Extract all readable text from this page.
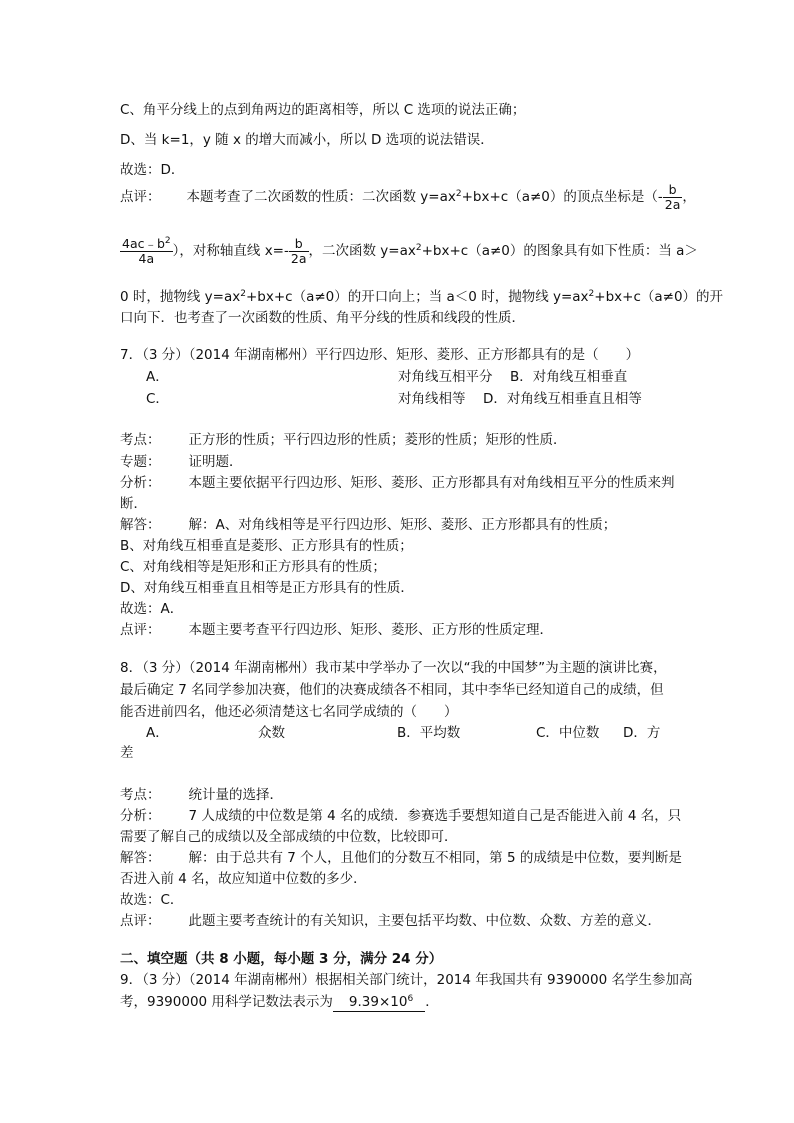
C、角平分线上的点到角两边的距离相等，所以 C 选项的说法正确；
D、当 k=1，y 随 x 的增大而减小，所以 D 选项的说法错误．
故选：D．
点评： 本题考查了二次函数的性质：二次函数 $y=ax^2+bx+c(a\ne 0)$的顶点坐标是（- $\frac{b}{2a}$ ，
$\frac{4ac﹣b^2}{4a}$ ），对称轴直线 $x=- \frac{b}{2a}$ ，二次函数 $y=ax^2+bx+c(a\ne 0)$的图象具有如下性质：当 a＞
0 时，抛物线 $y=ax^2+bx+c(a\ne 0)$的开口向上；当 a＜0 时，抛物线 $y=ax^2+bx+c(a\ne 0)$的开
口向下．也考查了一次函数的性质、角平分线的性质和线段的性质．
7．（3 分）（2014 年湖南郴州）平行四边形、矩形、菱形、正方形都具有的是（　　）
A．	对角线互相平分 B．对角线互相垂直
C．	对角线相等 D．对角线互相垂直且相等
考点： 正方形的性质；平行四边形的性质；菱形的性质；矩形的性质．
专题： 证明题．
分析： 本题主要依据平行四边形、矩形、菱形、正方形都具有对角线相互平分的性质来判
断．
解答： 解：A、对角线相等是平行四边形、矩形、菱形、正方形都具有的性质；
B、对角线互相垂直是菱形、正方形具有的性质；
C、对角线相等是矩形和正方形具有的性质；
D、对角线互相垂直且相等是正方形具有的性质．
故选：A．
点评： 本题主要考查平行四边形、矩形、菱形、正方形的性质定理．
8．（3 分）（2014 年湖南郴州）我市某中学举办了一次以“我的中国梦”为主题的演讲比赛，
最后确定 7 名同学参加决赛，他们的决赛成绩各不相同，其中李华已经知道自己的成绩，但
能否进前四名，他还必须清楚这七名同学成绩的（　　）
A．	众数	B．平均数	C．中位数 D．方
差
考点： 统计量的选择．
分析： 7 人成绩的中位数是第 4 名的成绩．参赛选手要想知道自己是否能进入前 4 名，只
需要了解自己的成绩以及全部成绩的中位数，比较即可．
解答： 解：由于总共有 7 个人，且他们的分数互不相同，第 5 的成绩是中位数，要判断是
否进入前 4 名，故应知道中位数的多少．
故选：C．
点评： 此题主要考查统计的有关知识，主要包括平均数、中位数、众数、方差的意义．
二、填空题（共 8 小题，每小题 3 分，满分 24 分）
9．（3 分）（2014 年湖南郴州）根据相关部门统计，2014 年我国共有 9390000 名学生参加高
考，9390000 用科学记数法表示为 $9.39\times 10^6$ ．
